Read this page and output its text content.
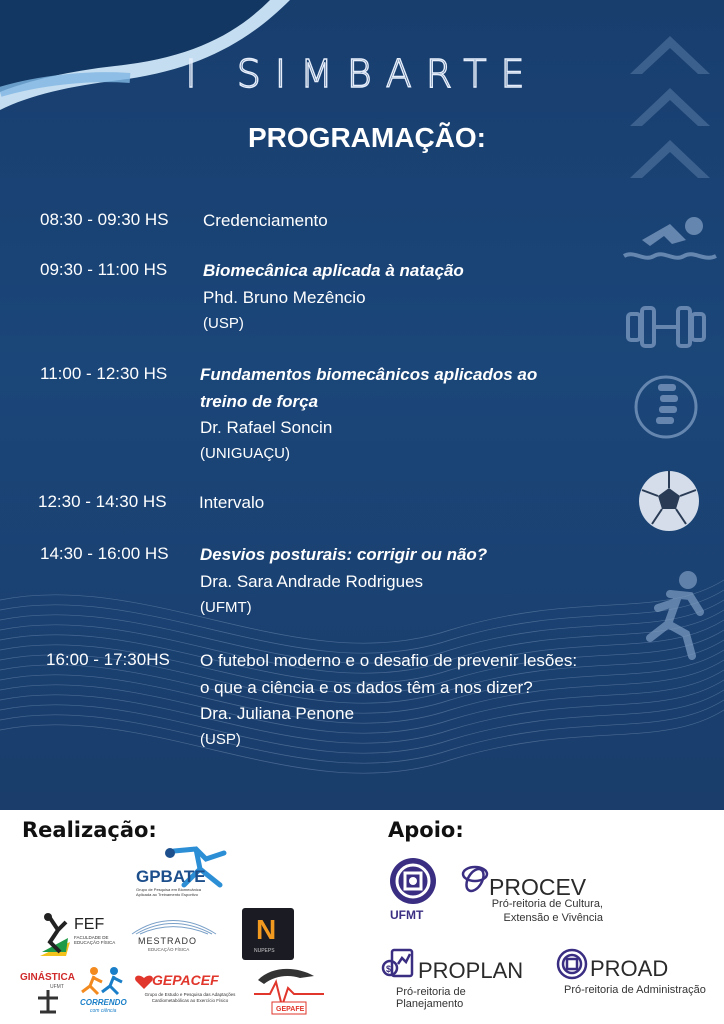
I SIMBARTE
PROGRAMAÇÃO:
08:30 - 09:30 HS Credenciamento
09:30 - 11:00 HS Biomecânica aplicada à natação
Phd. Bruno Mezêncio
(USP)
11:00 - 12:30 HS Fundamentos biomecânicos aplicados ao
treino de força
Dr. Rafael Soncin
(UNIGUAÇU)
12:30 - 14:30 HS Intervalo
14:30 - 16:00 HS Desvios posturais: corrigir ou não?
Dra. Sara Andrade Rodrigues
(UFMT)
16:00 - 17:30HS O futebol moderno e o desafio de prevenir lesões:
o que a ciência e os dados têm a nos dizer?
Dra. Juliana Penone
(USP)
Realização:	Apoio:
GPBATE
Grupo de Pesquisa em Biomecânica Aplicada ao Treinamento Esportivo
FEF
FACULDADE DE EDUCAÇÃO FÍSICA	MESTRADO
EDUCAÇÃO FÍSICA
N
NUPEPS
GINÁSTICA
UFMT
CORRENDO
com ciência
GEPACEF
Grupo de Estudo e Pesquisa das Adaptações Cardiometabólicas ao Exercício Físico
GEPAFE
UFMT
PROCEV
Pró-reitoria de Cultura,
Extensão e Vivência
$ PROPLAN
Pró-reitoria de Planejamento
PROAD
Pró-reitoria de Administração
